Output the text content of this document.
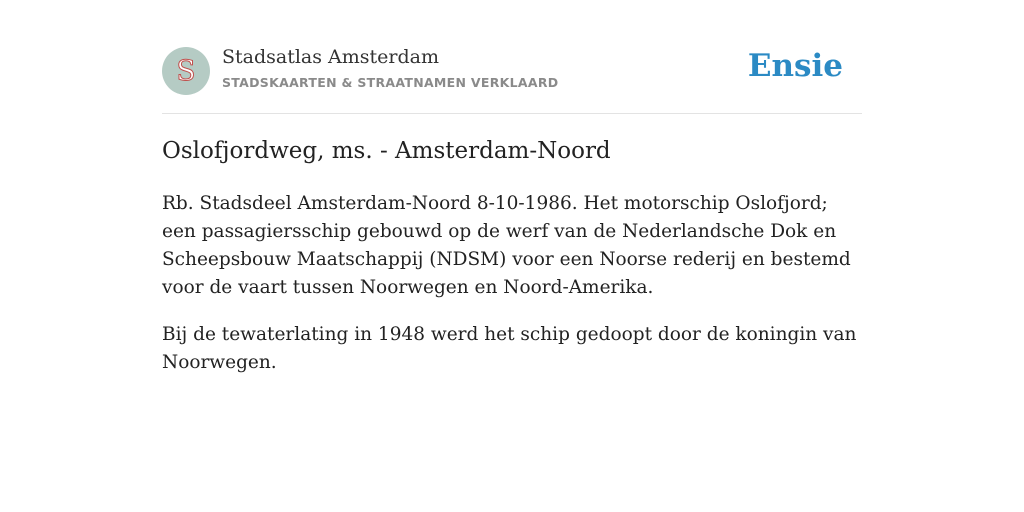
S	Stadsatlas Amsterdam
STADSKAARTEN & STRAATNAMEN VERKLAARD	Ensie
Oslofjordweg, ms. - Amsterdam-Noord

Rb. Stadsdeel Amsterdam-Noord 8-10-1986. Het motorschip Oslofjord; een passagiersschip gebouwd op de werf van de Nederlandsche Dok en Scheepsbouw Maatschappij (NDSM) voor een Noorse rederij en bestemd voor de vaart tussen Noorwegen en Noord-Amerika.

Bij de tewaterlating in 1948 werd het schip gedoopt door de koningin van Noorwegen.
